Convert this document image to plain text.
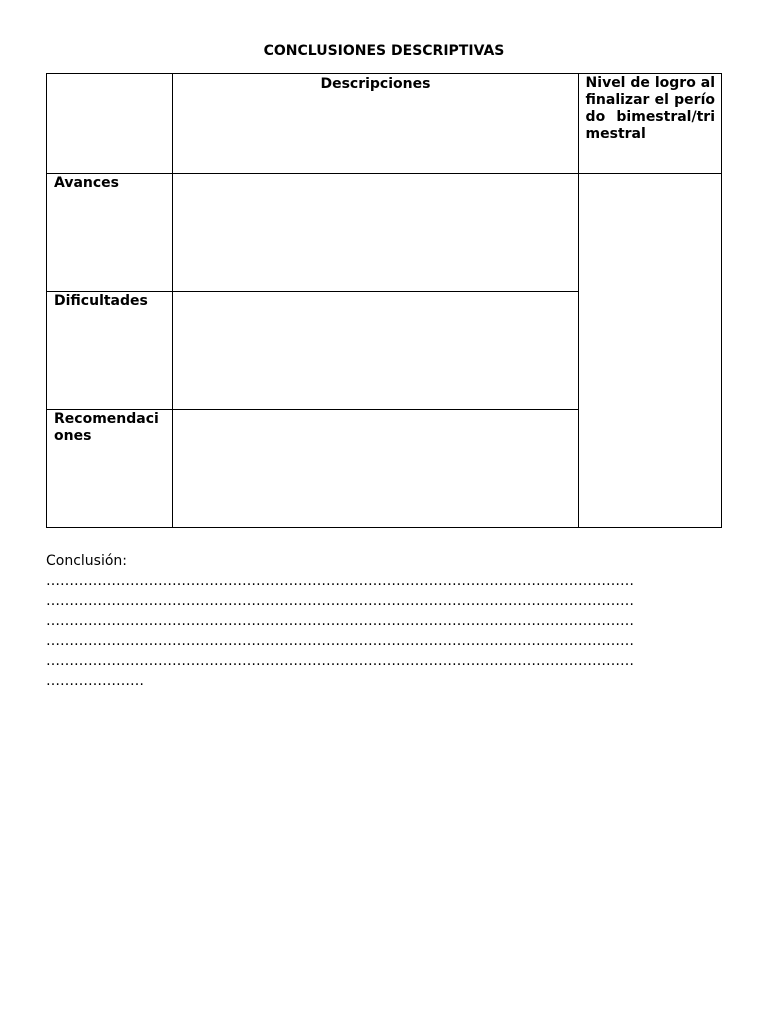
CONCLUSIONES DESCRIPTIVAS
	Descripciones	Nivel de logro al finalizar el período bimestral/trimestral
Avances		
Dificultades		
Recomendaciones		
Conclusión:
………………………………………………………………………………………………………………
………………………………………………………………………………………………………………
………………………………………………………………………………………………………………
………………………………………………………………………………………………………………
………………………………………………………………………………………………………………
…………………
